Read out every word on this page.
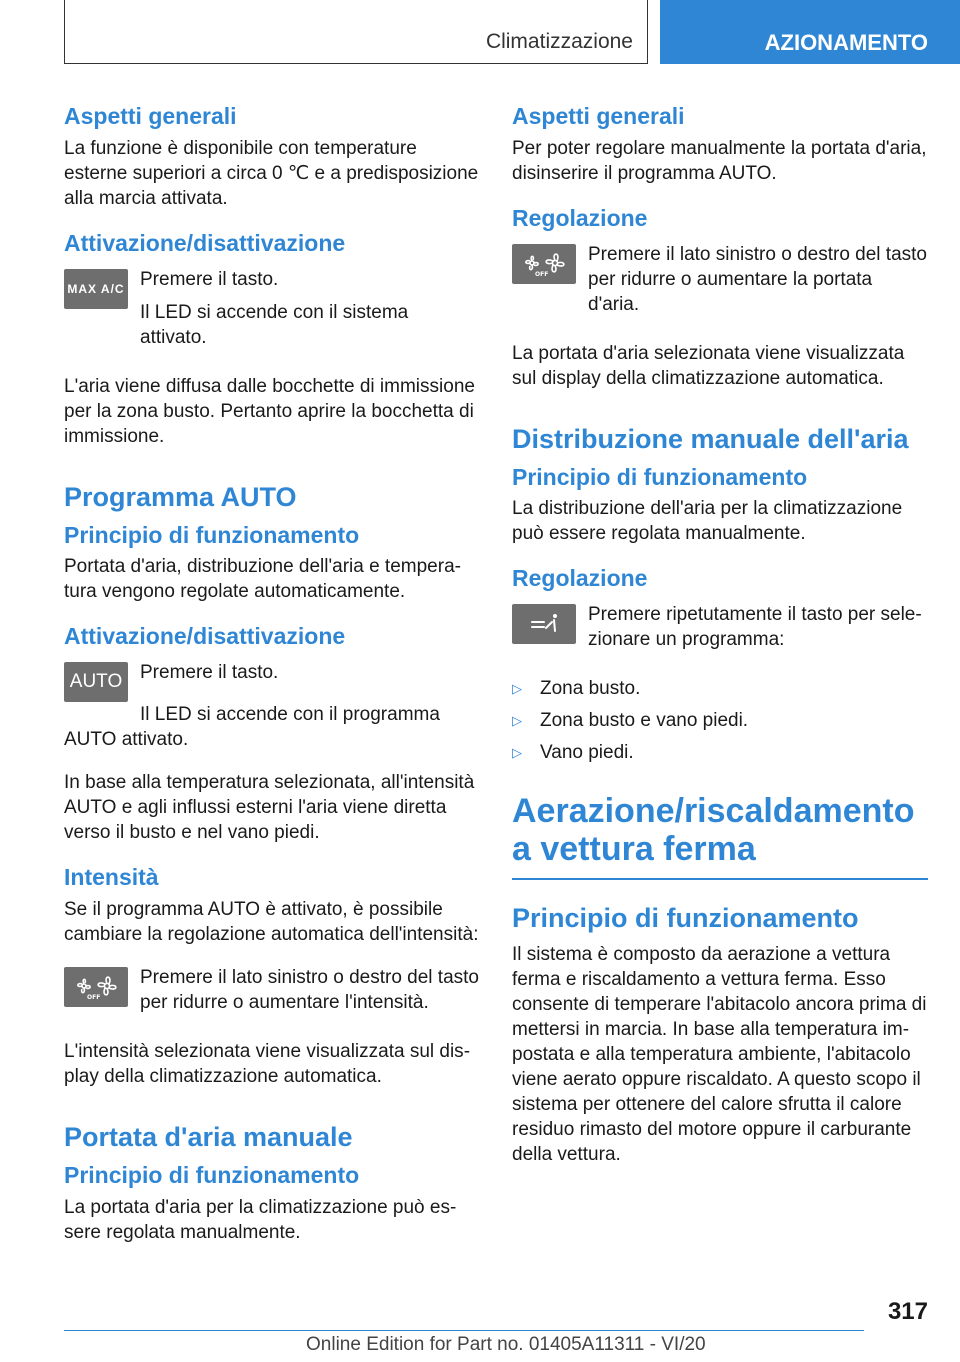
Climatizzazione	AZIONAMENTO
Aspetti generali

La funzione è disponibile con temperature esterne superiori a circa 0 ℃ e a predisposizione alla marcia attivata.

Attivazione/disattivazione
MAX A/C Premere il tasto.

Il LED si accende con il sistema attivato.

L'aria viene diffusa dalle bocchette di immissione per la zona busto. Pertanto aprire la bocchetta di immissione.

Programma AUTO
Principio di funzionamento

Portata d'aria, distribuzione dell'aria e temperatura vengono regolate automaticamente.

Attivazione/disattivazione
AUTO Premere il tasto.

Il LED si accende con il programma AUTO attivato.

In base alla temperatura selezionata, all'intensità AUTO e agli influssi esterni l'aria viene diretta verso il busto e nel vano piedi.

Intensità

Se il programma AUTO è attivato, è possibile cambiare la regolazione automatica dell'intensità:

OFF

Premere il lato sinistro o destro del tasto per ridurre o aumentare l'intensità.

L'intensità selezionata viene visualizzata sul display della climatizzazione automatica.

Portata d'aria manuale
Principio di funzionamento

La portata d'aria per la climatizzazione può essere regolata manualmente.

Aspetti generali

Per poter regolare manualmente la portata d'aria, disinserire il programma AUTO.

Regolazione
OFF

Premere il lato sinistro o destro del tasto per ridurre o aumentare la portata d'aria.

La portata d'aria selezionata viene visualizzata sul display della climatizzazione automatica.

Distribuzione manuale dell'aria
Principio di funzionamento

La distribuzione dell'aria per la climatizzazione può essere regolata manualmente.

Regolazione

Premere ripetutamente il tasto per selezionare un programma:

▷ Zona busto.
▷ Zona busto e vano piedi.
▷ Vano piedi.
Aerazione/riscaldamento a vettura ferma
Principio di funzionamento

Il sistema è composto da aerazione a vettura ferma e riscaldamento a vettura ferma. Esso consente di temperare l'abitacolo ancora prima di mettersi in marcia. In base alla temperatura impostata e alla temperatura ambiente, l'abitacolo viene aerato oppure riscaldato. A questo scopo il sistema per ottenere del calore sfrutta il calore residuo rimasto del motore oppure il carburante della vettura.

317
Online Edition for Part no. 01405A11311 - VI/20
